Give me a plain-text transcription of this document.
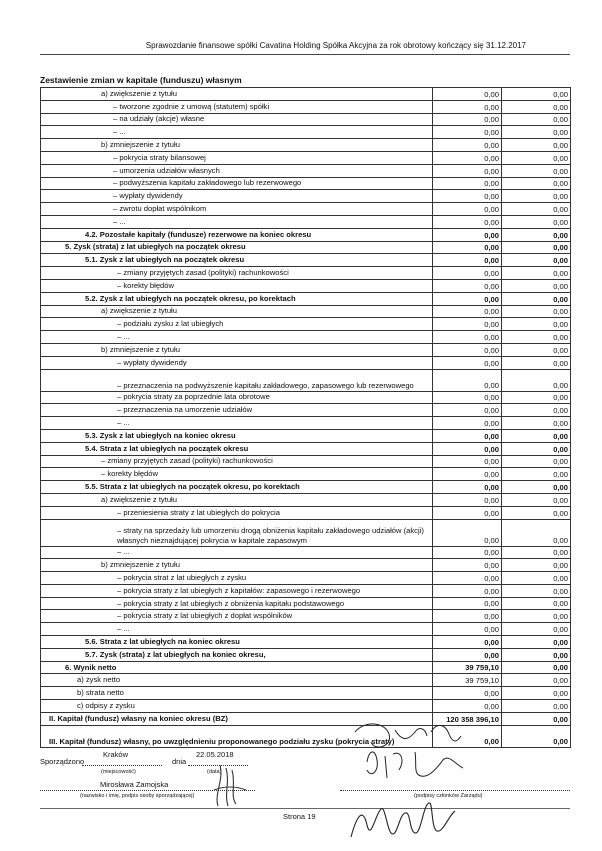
Sprawozdanie finansowe spółki Cavatina Holding Spółka Akcyjna za rok obrotowy kończący się 31.12.2017
Zestawienie zmian w kapitale (funduszu) własnym
a) zwiększenie z tytułu	0,00	0,00
– tworzone zgodnie z umową (statutem) spółki	0,00	0,00
– na udziały (akcje) własne	0,00	0,00
– ...	0,00	0,00
b) zmniejszenie z tytułu	0,00	0,00
– pokrycia straty bilansowej	0,00	0,00
– umorzenia udziałów własnych	0,00	0,00
– podwyższenia kapitału zakładowego lub rezerwowego	0,00	0,00
– wypłaty dywidendy	0,00	0,00
– zwrotu dopłat wspólnikom	0,00	0,00
– ...	0,00	0,00
4.2. Pozostałe kapitały (fundusze) rezerwowe na koniec okresu	0,00	0,00
5. Zysk (strata) z lat ubiegłych na początek okresu	0,00	0,00
5.1. Zysk z lat ubiegłych na początek okresu	0,00	0,00
– zmiany przyjętych zasad (polityki) rachunkowości	0,00	0,00
– korekty błędów	0,00	0,00
5.2. Zysk z lat ubiegłych na początek okresu, po korektach	0,00	0,00
a) zwiększenie z tytułu	0,00	0,00
– podziału zysku z lat ubiegłych	0,00	0,00
– ...	0,00	0,00
b) zmniejszenie z tytułu	0,00	0,00
– wypłaty dywidendy	0,00	0,00
– przeznaczenia na podwyższenie kapitału zakładowego, zapasowego lub rezerwowego	0,00	0,00
– pokrycia straty za poprzednie lata obrotowe	0,00	0,00
– przeznaczenia na umorzenie udziałów	0,00	0,00
– ...	0,00	0,00
5.3. Zysk z lat ubiegłych na koniec okresu	0,00	0,00
5.4. Strata z lat ubiegłych na początek okresu	0,00	0,00
– zmiany przyjętych zasad (polityki) rachunkowości	0,00	0,00
– korekty błędów	0,00	0,00
5.5. Strata z lat ubiegłych na początek okresu, po korektach	0,00	0,00
a) zwiększenie z tytułu	0,00	0,00
– przeniesienia straty z lat ubiegłych do pokrycia	0,00	0,00
– straty na sprzedaży lub umorzeniu drogą obniżenia kapitału zakładowego udziałów (akcji) własnych nieznajdującej pokrycia w kapitale zapasowym	0,00	0,00
– ...	0,00	0,00
b) zmniejszenie z tytułu	0,00	0,00
– pokrycia strat z lat ubiegłych z zysku	0,00	0,00
– pokrycia straty z lat ubiegłych z kapitałów: zapasowego i rezerwowego	0,00	0,00
– pokrycia straty z lat ubiegłych z obniżenia kapitału podstawowego	0,00	0,00
– pokrycia straty z lat ubiegłych z dopłat wspólników	0,00	0,00
– ...	0,00	0,00
5.6. Strata z lat ubiegłych na koniec okresu	0,00	0,00
5.7. Zysk (strata) z lat ubiegłych na koniec okresu,	0,00	0,00
6. Wynik netto	39 759,10	0,00
a) zysk netto	39 759,10	0,00
b) strata netto	0,00	0,00
c) odpisy z zysku	0,00	0,00
II. Kapitał (fundusz) własny na koniec okresu (BZ)	120 358 396,10	0,00
III. Kapitał (fundusz) własny, po uwzględnieniu proponowanego podziału zysku (pokrycia straty)	0,00	0,00
Sporządzono
Kraków
(miejscowość)
dnia
22.05.2018
(data)
Mirosława Zamojska
(nazwisko i imię, podpis osoby sporządzającej)	(podpisy członków Zarządu)
Strona 19
